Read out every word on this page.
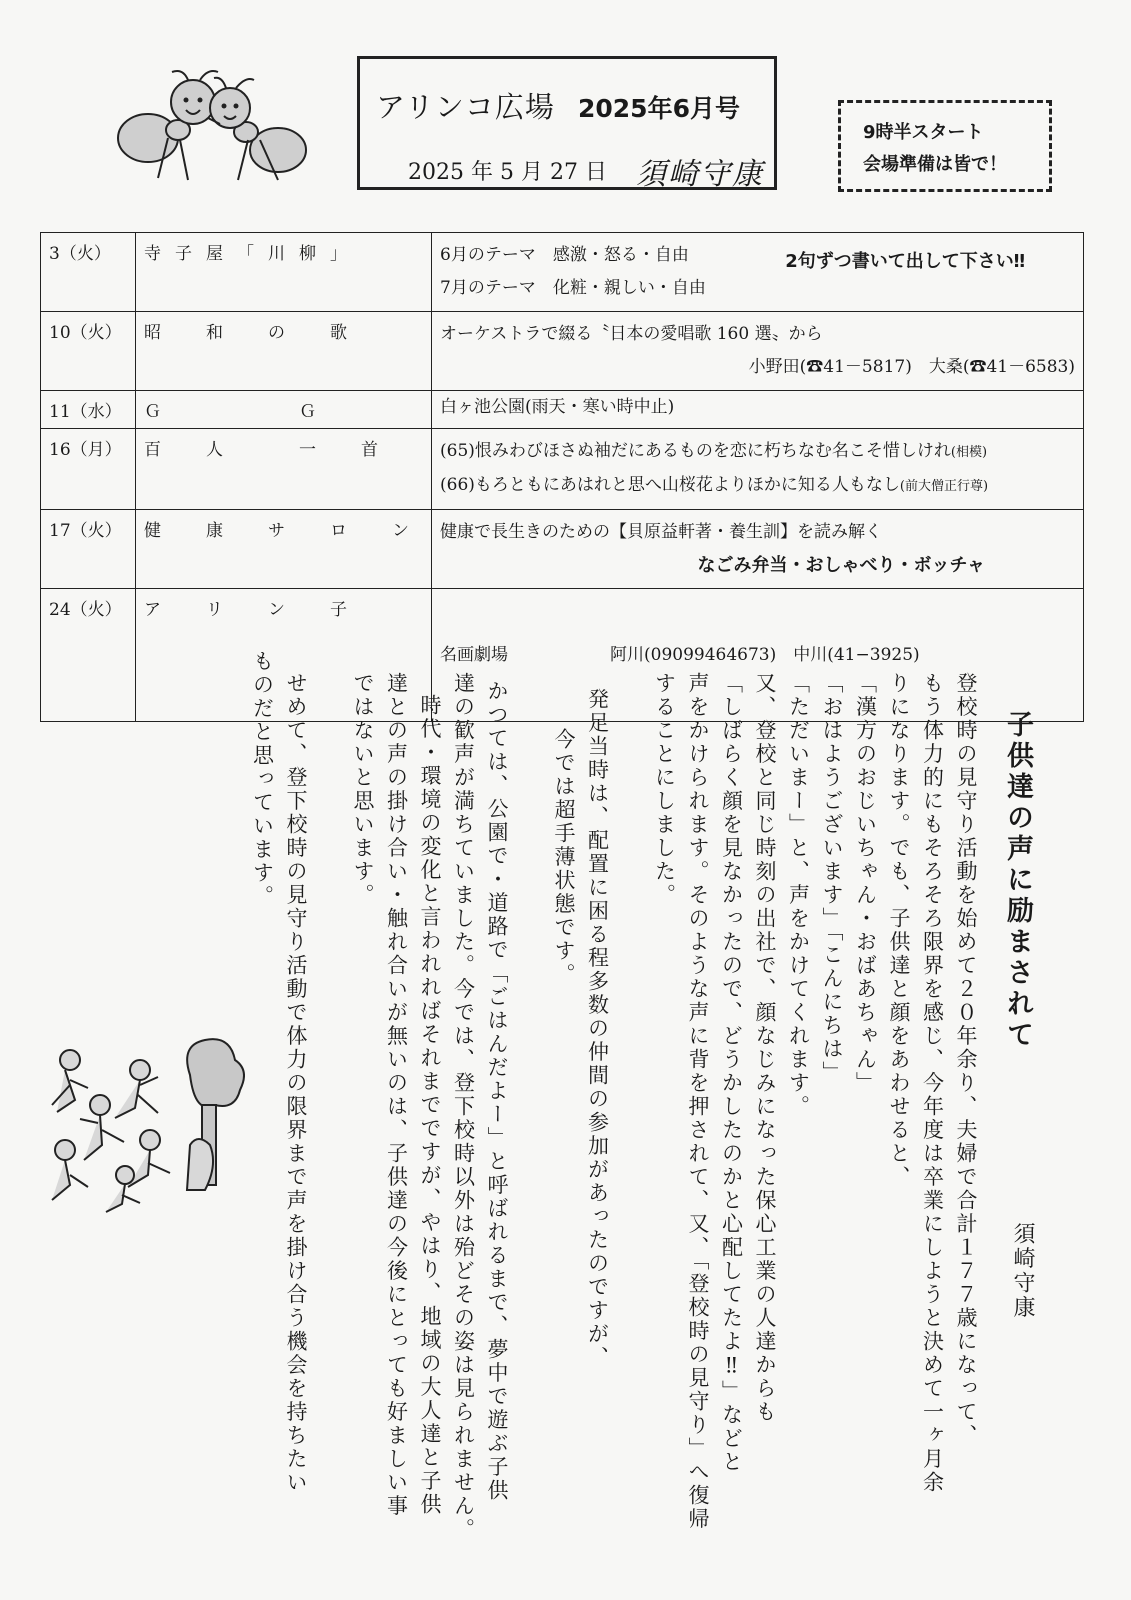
アリンコ広場 2025年6月号
2025 年 5 月 27 日 須崎守康
9時半スタート
会場準備は皆で！
3（火）	寺子屋「川柳」	6月のテーマ　感激・怒る・自由
7月のテーマ　化粧・親しい・自由
2句ずつ書いて出して下さい‼

10（火）	昭　和　の　歌	オーケストラで綴る〝日本の愛唱歌 160 選〟から
小野田(☎41－5817)　大桑(☎41－6583)

11（水）	Ｇ　　　　Ｇ	白ヶ池公園(雨天・寒い時中止)

16（月）	百　人　　一　首	(65)恨みわびほさぬ袖だにあるものを恋に朽ちなむ名こそ惜しけれ(相模)
(66)もろともにあはれと思へ山桜花よりほかに知る人もなし(前大僧正行尊)

17（火）	健　康　サ　ロ　ン	健康で長生きのための【貝原益軒著・養生訓】を読み解く
なごみ弁当・おしゃべり・ボッチャ

24（火）	ア　リ　ン　子	名画劇場　　　　　　阿川(09099464673)　中川(41−3925)

子供達の声に励まされて
須崎守康
登校時の見守り活動を始めて２０年余り、夫婦で合計１７７歳になって、
もう体力的にもそろそろ限界を感じ、今年度は卒業にしようと決めて一ヶ月余
りになります。でも、子供達と顔をあわせると、
「漢方のおじいちゃん・おばあちゃん」
「おはようございます」「こんにちは」
「ただいまー」と、声をかけてくれます。
又、登校と同じ時刻の出社で、顔なじみになった保心工業の人達からも
「しばらく顔を見なかったので、どうかしたのかと心配してたよ‼」などと
声をかけられます。そのような声に背を押されて、又、「登校時の見守り」へ復帰
することにしました。
発足当時は、配置に困る程多数の仲間の参加があったのですが、
今では超手薄状態です。
かつては、公園で・道路で「ごはんだよー」と呼ばれるまで、夢中で遊ぶ子供
達の歓声が満ちていました。今では、登下校時以外は殆どその姿は見られません。
時代・環境の変化と言われればそれまでですが、やはり、地域の大人達と子供
達との声の掛け合い・触れ合いが無いのは、子供達の今後にとっても好ましい事
ではないと思います。
せめて、登下校時の見守り活動で体力の限界まで声を掛け合う機会を持ちたい
ものだと思っています。
